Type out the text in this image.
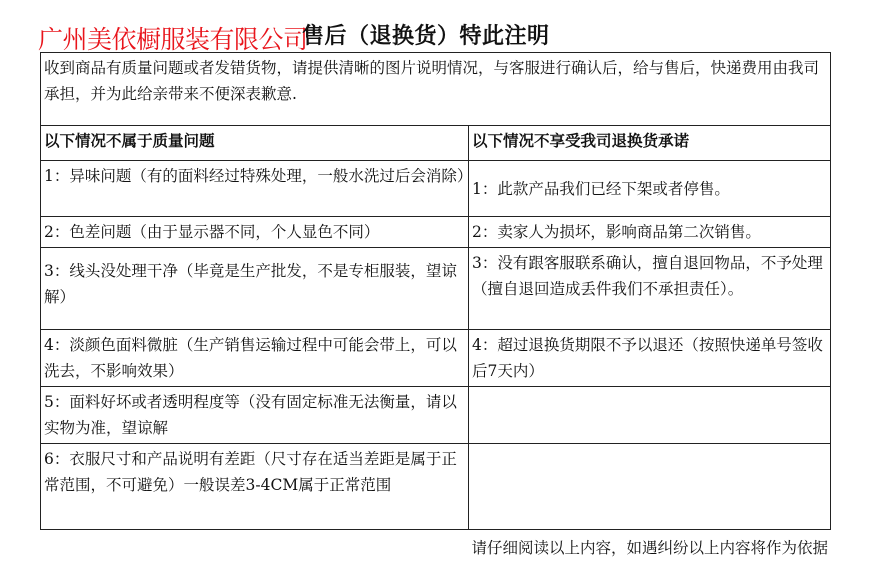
广州美依橱服装有限公司
售后（退换货）特此注明
收到商品有质量问题或者发错货物，请提供清晰的图片说明情况，与客服进行确认后，给与售后，快递费用由我司承担，并为此给亲带来不便深表歉意.	
以下情况不属于质量问题	以下情况不享受我司退换货承诺
1：异味问题（有的面料经过特殊处理，一般水洗过后会消除）	1：此款产品我们已经下架或者停售。
2：色差问题（由于显示器不同，个人显色不同）	2：卖家人为损坏，影响商品第二次销售。
3：线头没处理干净（毕竟是生产批发，不是专柜服装，望谅解）	3：没有跟客服联系确认，擅自退回物品，不予处理（擅自退回造成丢件我们不承担责任）。
4：淡颜色面料微脏（生产销售运输过程中可能会带上，可以洗去，不影响效果）	4：超过退换货期限不予以退还（按照快递单号签收后7天内）
5：面料好坏或者透明程度等（没有固定标准无法衡量，请以实物为准，望谅解	
6：衣服尺寸和产品说明有差距（尺寸存在适当差距是属于正常范围，不可避免）一般误差3-4CM属于正常范围	
请仔细阅读以上内容，如遇纠纷以上内容将作为依据
